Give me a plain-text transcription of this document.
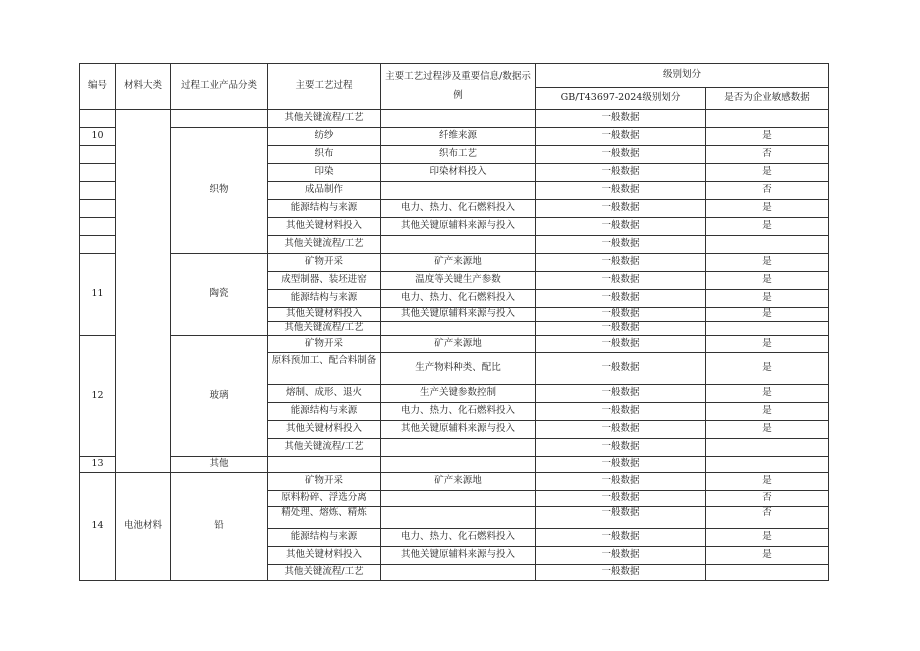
编号	材料大类	过程工业产品分类	主要工艺过程	主要工艺过程涉及重要信息/数据示例	级别划分	
					GB/T43697-2024级别划分	是否为企业敏感数据
			其他关键流程/工艺		一般数据	
10		织物	纺纱	纤维来源	一般数据	是
			织布	织布工艺	一般数据	否
			印染	印染材料投入	一般数据	是
			成品制作		一般数据	否
			能源结构与来源	电力、热力、化石燃料投入	一般数据	是
			其他关键材料投入	其他关键原辅料来源与投入	一般数据	是
			其他关键流程/工艺		一般数据	
11		陶瓷	矿物开采	矿产来源地	一般数据	是
			成型制器、装坯进窑	温度等关键生产参数	一般数据	是
			能源结构与来源	电力、热力、化石燃料投入	一般数据	是
			其他关键材料投入	其他关键原辅料来源与投入	一般数据	是
			其他关键流程/工艺		一般数据	
12		玻璃	矿物开采	矿产来源地	一般数据	是
			原料预加工、配合料制备	生产物料种类、配比	一般数据	是
			熔制、成形、退火	生产关键参数控制	一般数据	是
			能源结构与来源	电力、热力、化石燃料投入	一般数据	是
			其他关键材料投入	其他关键原辅料来源与投入	一般数据	是
			其他关键流程/工艺		一般数据	
13		其他			一般数据	
14	电池材料	铅	矿物开采	矿产来源地	一般数据	是
			原料粉碎、浮选分离		一般数据	否
			精处理、熔炼、精炼		一般数据	否
			能源结构与来源	电力、热力、化石燃料投入	一般数据	是
			其他关键材料投入	其他关键原辅料来源与投入	一般数据	是
			其他关键流程/工艺		一般数据	
